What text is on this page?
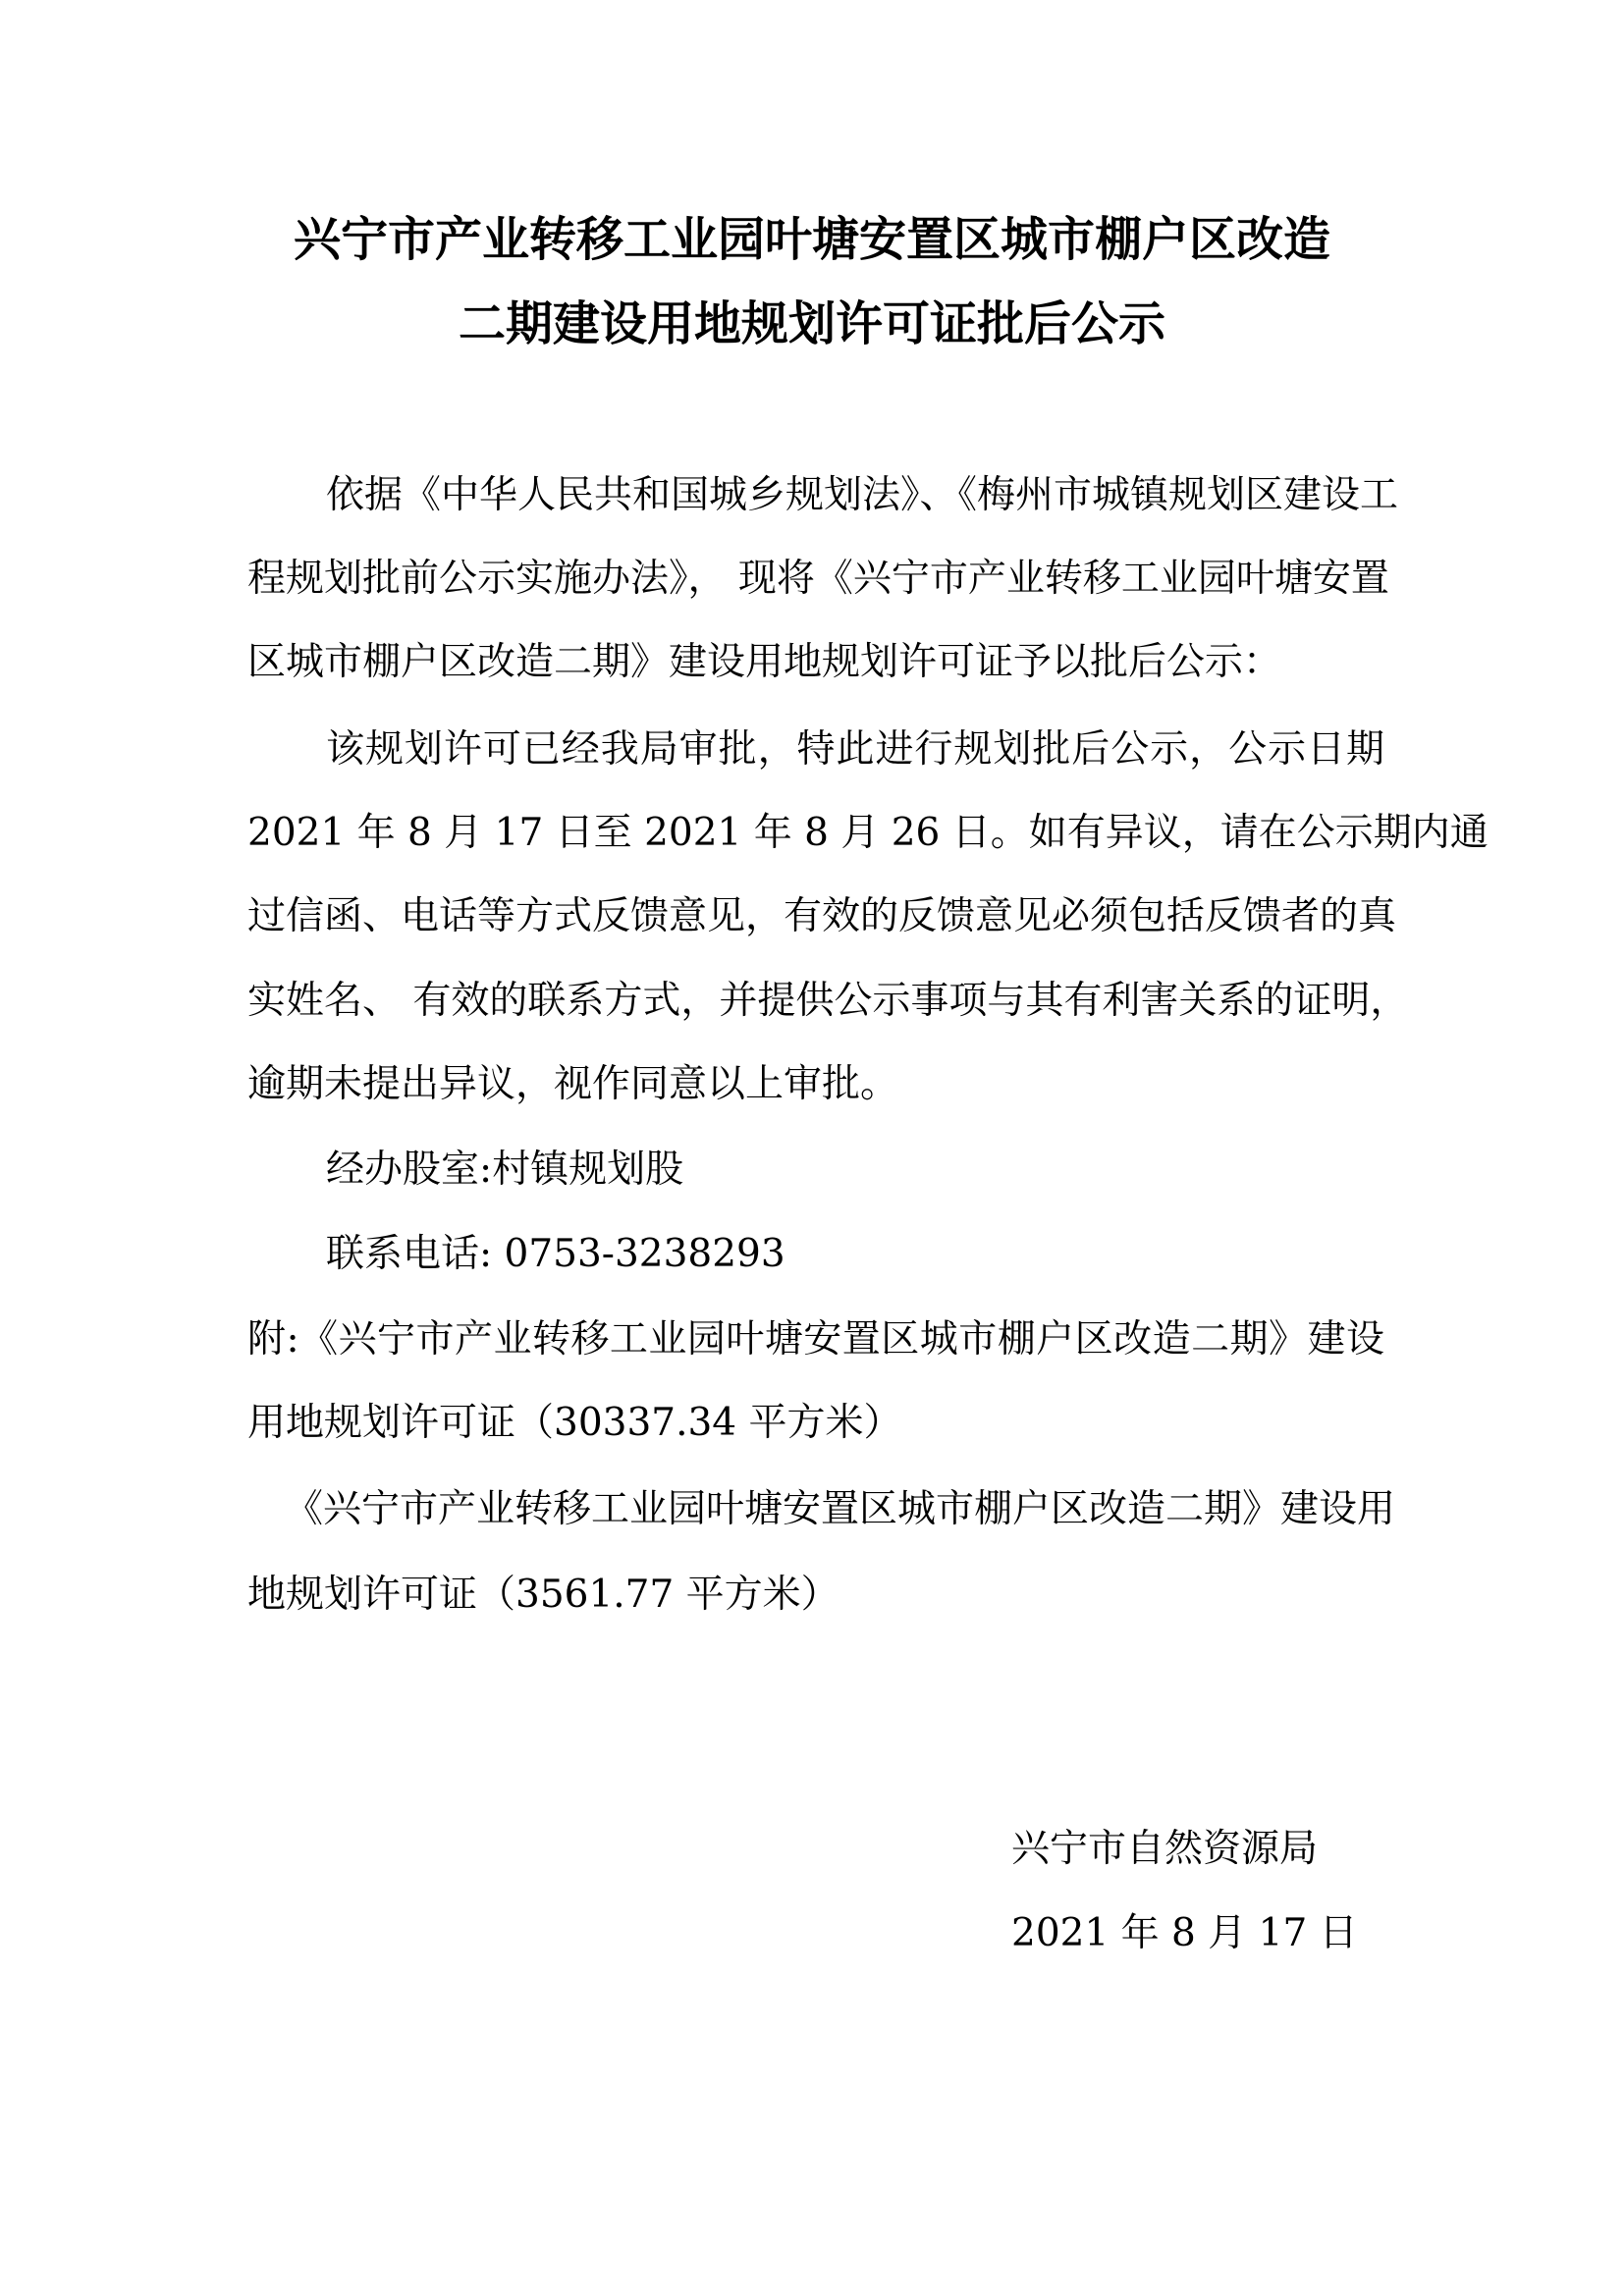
兴宁市产业转移工业园叶塘安置区城市棚户区改造
二期建设用地规划许可证批后公示
依据《中华人民共和国城乡规划法》、《梅州市城镇规划区建设工
程规划批前公示实施办法》， 现将《兴宁市产业转移工业园叶塘安置
区城市棚户区改造二期》建设用地规划许可证予以批后公示：
该规划许可已经我局审批，特此进行规划批后公示，公示日期
2021 年 8 月 17 日至 2021 年 8 月 26 日。如有异议，请在公示期内通
过信函、电话等方式反馈意见，有效的反馈意见必须包括反馈者的真
实姓名、 有效的联系方式，并提供公示事项与其有利害关系的证明，
逾期未提出异议，视作同意以上审批。
经办股室:村镇规划股
联系电话: 0753-3238293
附:《兴宁市产业转移工业园叶塘安置区城市棚户区改造二期》建设
用地规划许可证（30337.34 平方米）
《兴宁市产业转移工业园叶塘安置区城市棚户区改造二期》建设用
地规划许可证（3561.77 平方米）
兴宁市自然资源局
2021 年 8 月 17 日
